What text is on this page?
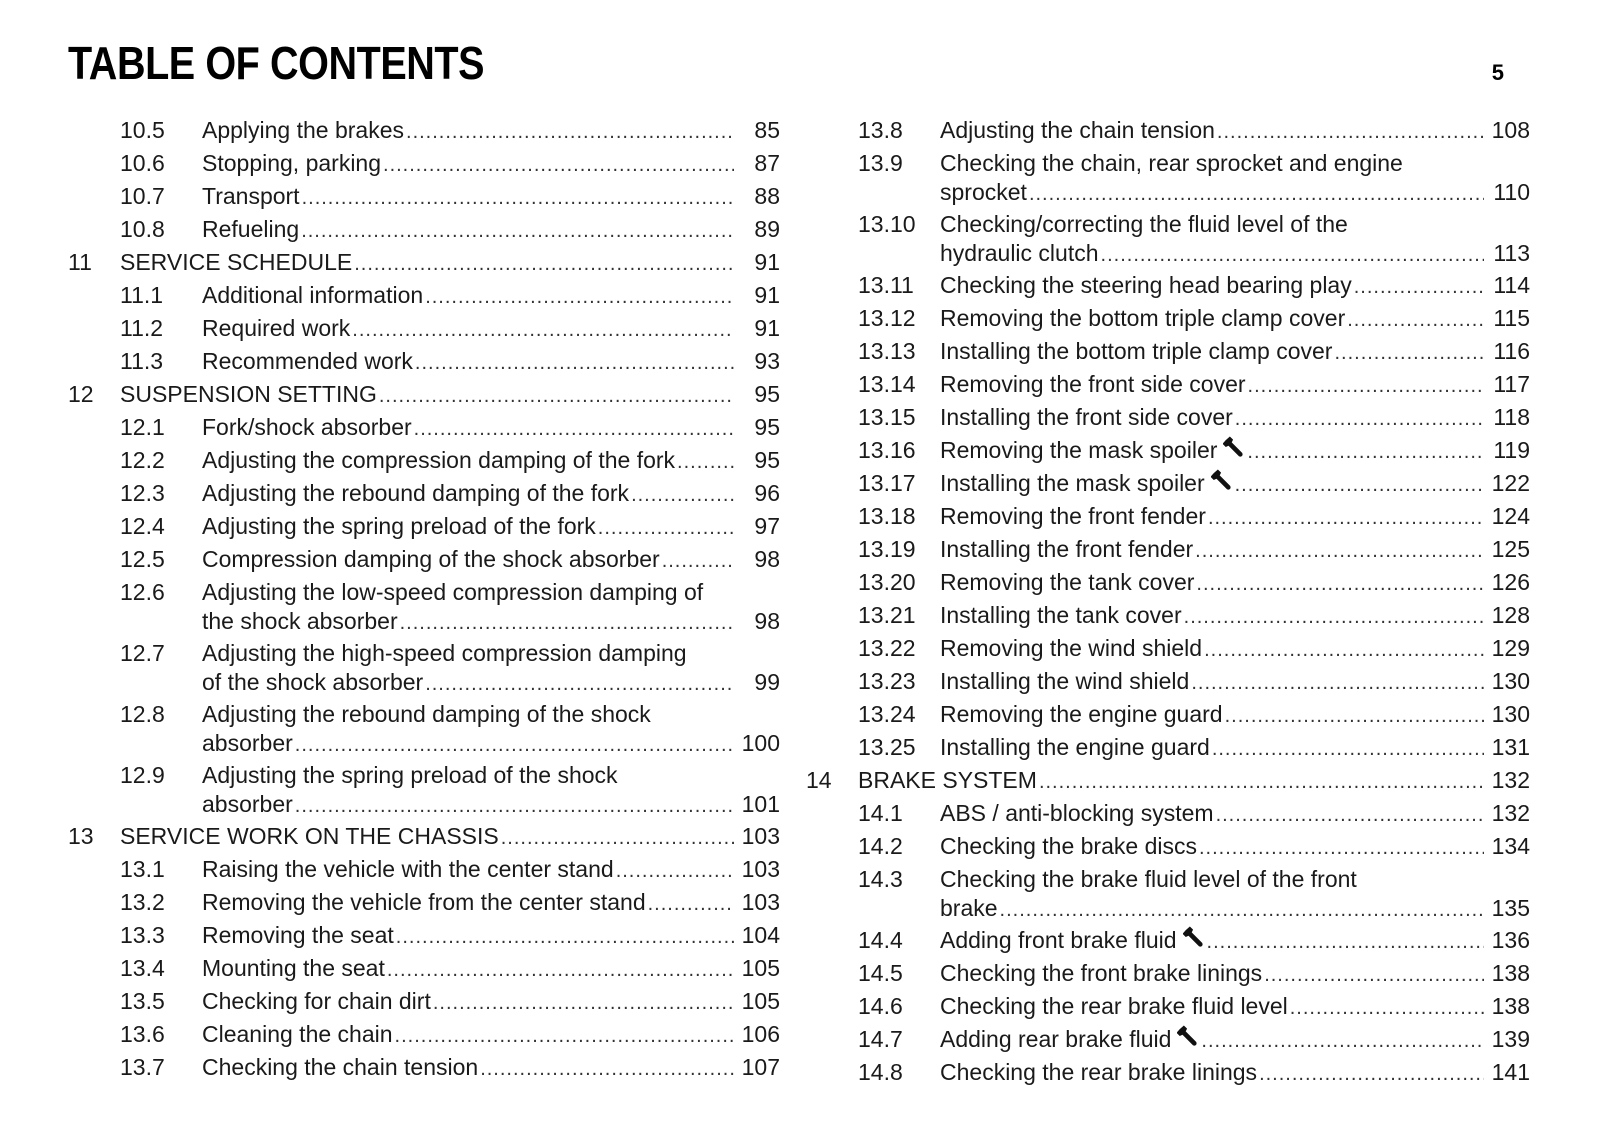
TABLE OF CONTENTS	5
10.5	Applying the brakes .....	85
10.6	Stopping, parking .....	87
10.7	Transport .....	88
10.8	Refueling .....	89
11	SERVICE SCHEDULE .....	91
11.1	Additional information .....	91
11.2	Required work .....	91
11.3	Recommended work .....	93
12	SUSPENSION SETTING .....	95
12.1	Fork/shock absorber .....	95
12.2	Adjusting the compression damping of the fork .....	95
12.3	Adjusting the rebound damping of the fork .....	96
12.4	Adjusting the spring preload of the fork .....	97
12.5	Compression damping of the shock absorber .....	98
12.6	Adjusting the low-speed compression damping of
the shock absorber .....	98
12.7	Adjusting the high-speed compression damping
of the shock absorber .....	99
12.8	Adjusting the rebound damping of the shock
absorber .....	100
12.9	Adjusting the spring preload of the shock
absorber .....	101
13	SERVICE WORK ON THE CHASSIS .....	103
13.1	Raising the vehicle with the center stand .....	103
13.2	Removing the vehicle from the center stand .....	103
13.3	Removing the seat .....	104
13.4	Mounting the seat .....	105
13.5	Checking for chain dirt .....	105
13.6	Cleaning the chain .....	106
13.7	Checking the chain tension .....	107
13.8	Adjusting the chain tension .....	108
13.9	Checking the chain, rear sprocket and engine
sprocket .....	110
13.10	Checking/correcting the fluid level of the
hydraulic clutch .....	113
13.11	Checking the steering head bearing play .....	114
13.12	Removing the bottom triple clamp cover .....	115
13.13	Installing the bottom triple clamp cover .....	116
13.14	Removing the front side cover .....	117
13.15	Installing the front side cover .....	118
13.16	Removing the mask spoiler .....	119
13.17	Installing the mask spoiler .....	122
13.18	Removing the front fender .....	124
13.19	Installing the front fender .....	125
13.20	Removing the tank cover .....	126
13.21	Installing the tank cover .....	128
13.22	Removing the wind shield .....	129
13.23	Installing the wind shield .....	130
13.24	Removing the engine guard .....	130
13.25	Installing the engine guard .....	131
14	BRAKE SYSTEM .....	132
14.1	ABS / anti-blocking system .....	132
14.2	Checking the brake discs .....	134
14.3	Checking the brake fluid level of the front
brake .....	135
14.4	Adding front brake fluid .....	136
14.5	Checking the front brake linings .....	138
14.6	Checking the rear brake fluid level .....	138
14.7	Adding rear brake fluid .....	139
14.8	Checking the rear brake linings .....	141
